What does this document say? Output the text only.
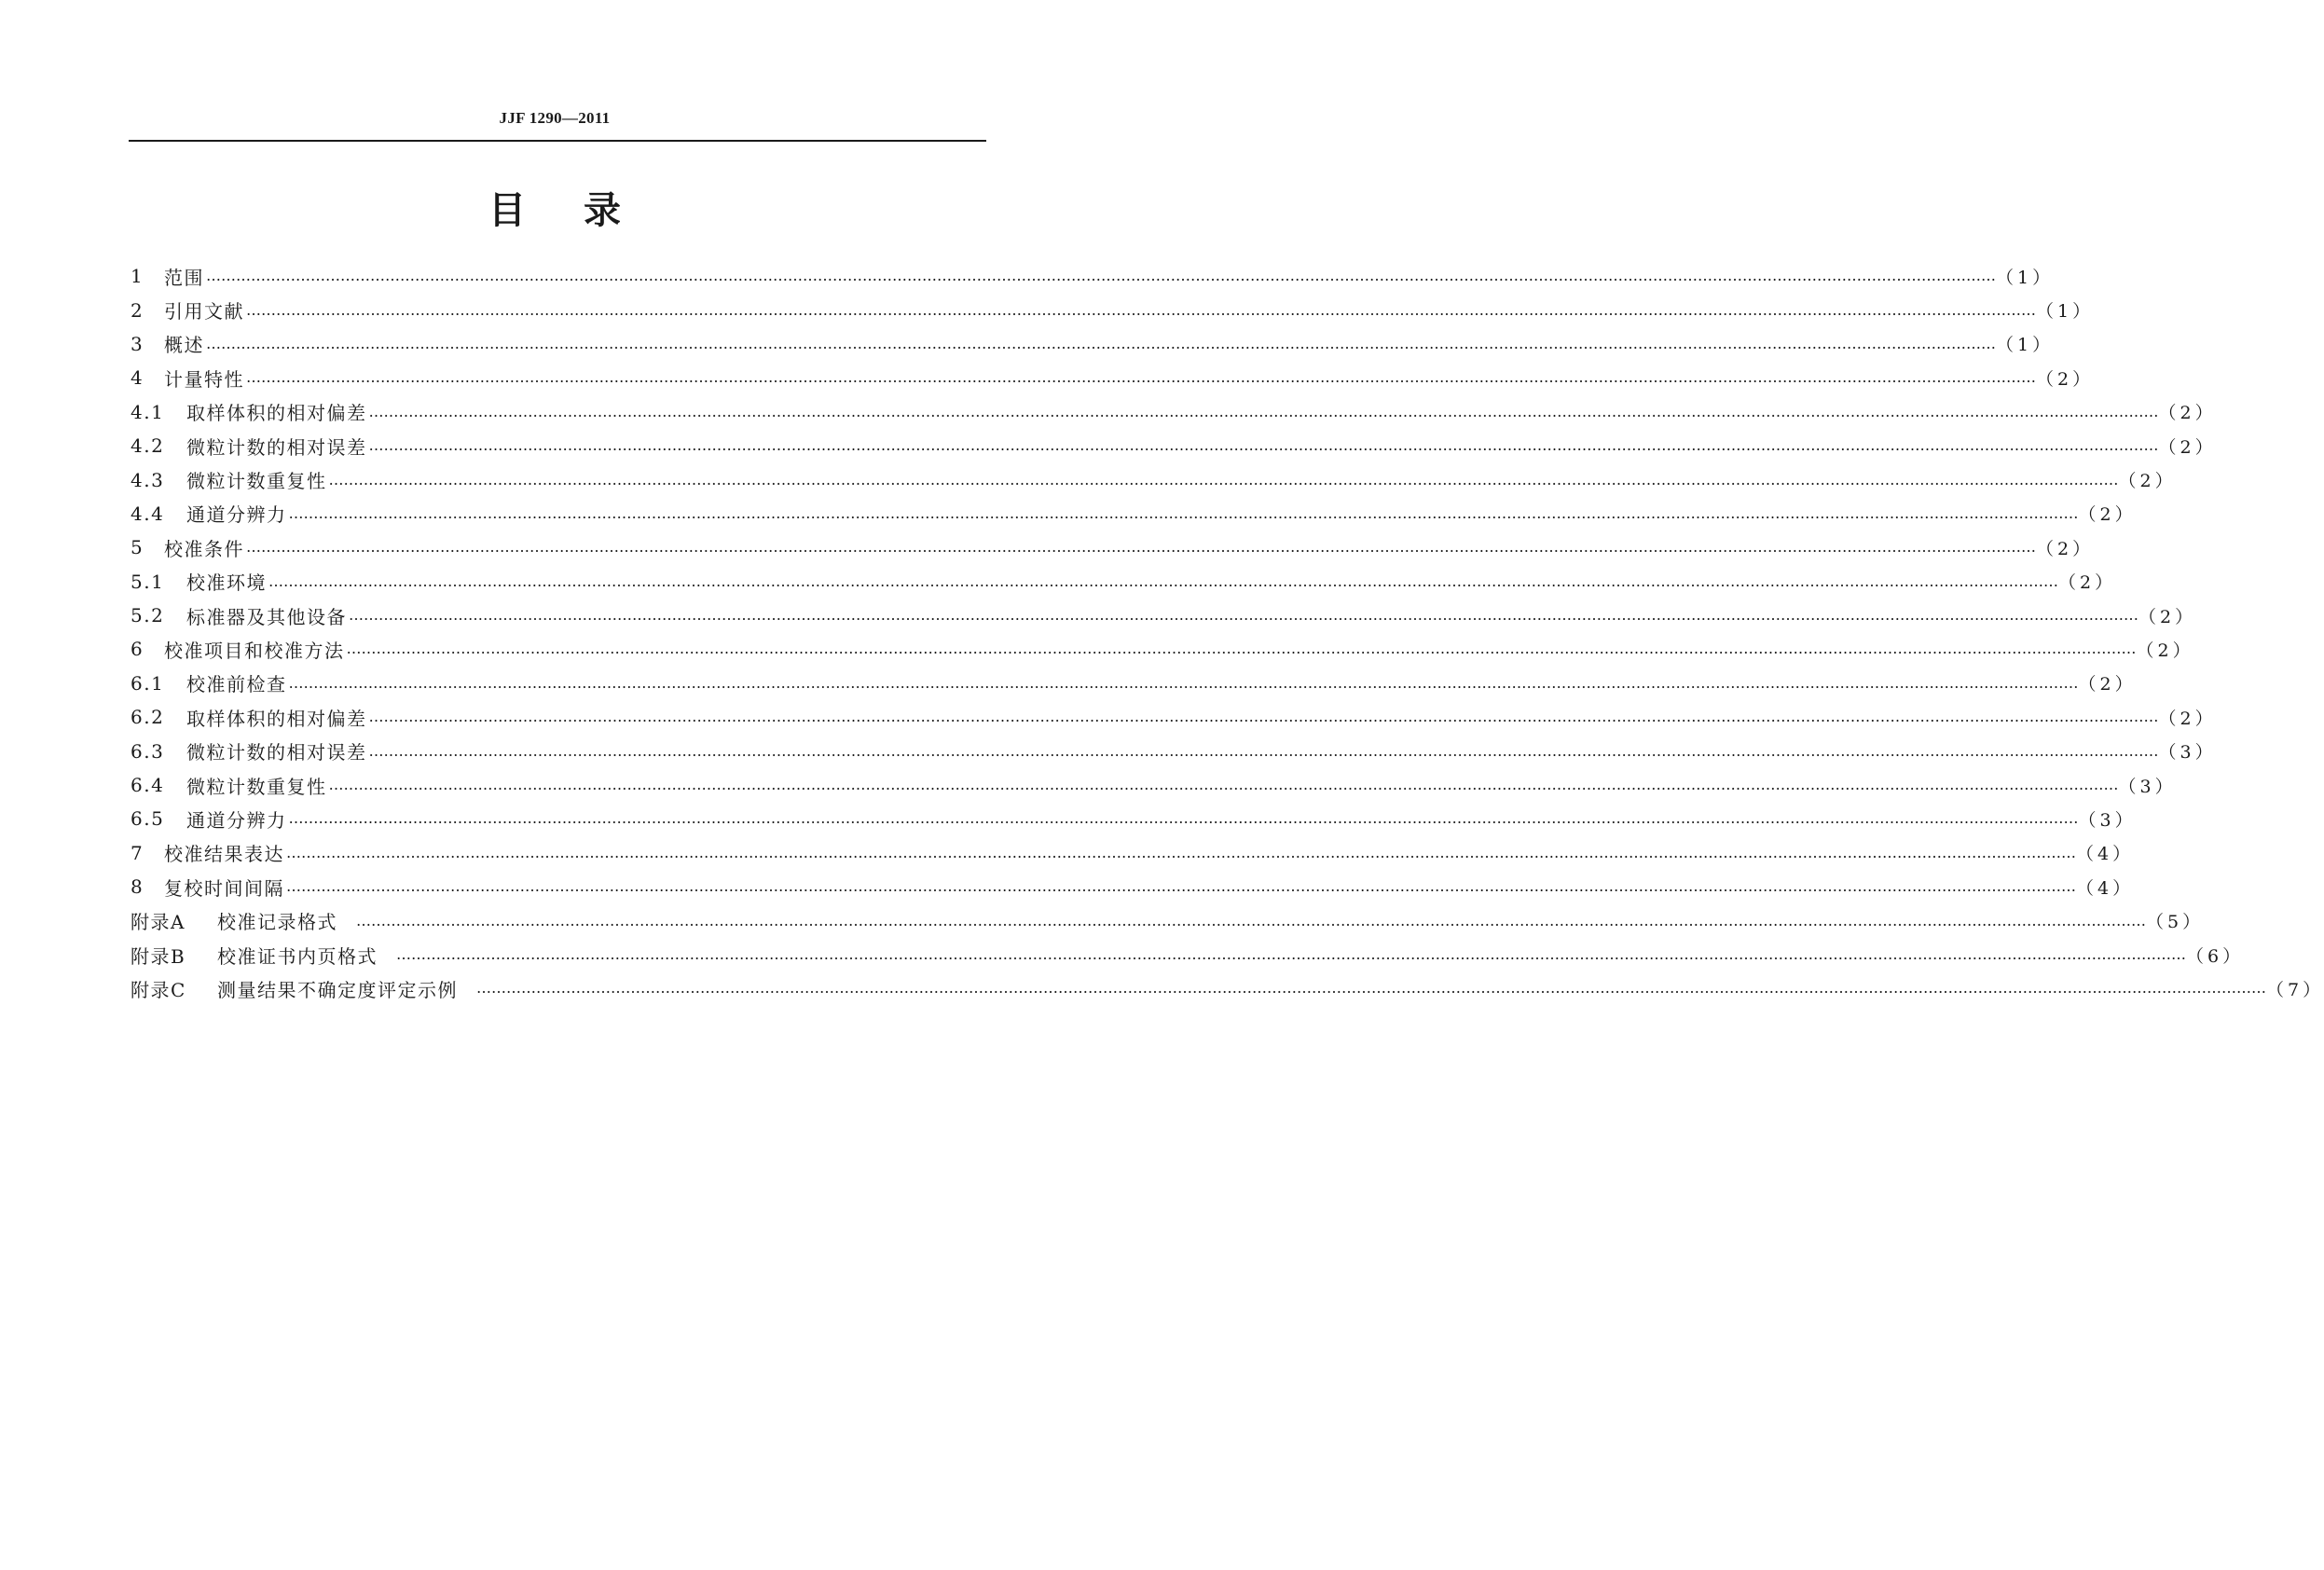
JJF 1290—2011
目录
1	范围 ……………………………………………………………………………………………………………………………………………………………………………………………………………………………………………………………………………………………………………………………… （1）
2	引用文献 ……………………………………………………………………………………………………………………………………………………………………………………………………………………………………………………………………………………………………………………………… （1）
3	概述 ……………………………………………………………………………………………………………………………………………………………………………………………………………………………………………………………………………………………………………………………… （1）
4	计量特性 ……………………………………………………………………………………………………………………………………………………………………………………………………………………………………………………………………………………………………………………………… （2）
4.1	取样体积的相对偏差 ……………………………………………………………………………………………………………………………………………………………………………………………………………………………………………………………………………………………………………………………… （2）
4.2	微粒计数的相对误差 ……………………………………………………………………………………………………………………………………………………………………………………………………………………………………………………………………………………………………………………………… （2）
4.3	微粒计数重复性 ……………………………………………………………………………………………………………………………………………………………………………………………………………………………………………………………………………………………………………………………… （2）
4.4	通道分辨力 ……………………………………………………………………………………………………………………………………………………………………………………………………………………………………………………………………………………………………………………………… （2）
5	校准条件 ……………………………………………………………………………………………………………………………………………………………………………………………………………………………………………………………………………………………………………………………… （2）
5.1	校准环境 ……………………………………………………………………………………………………………………………………………………………………………………………………………………………………………………………………………………………………………………………… （2）
5.2	标准器及其他设备 ……………………………………………………………………………………………………………………………………………………………………………………………………………………………………………………………………………………………………………………………… （2）
6	校准项目和校准方法 ……………………………………………………………………………………………………………………………………………………………………………………………………………………………………………………………………………………………………………………………… （2）
6.1	校准前检查 ……………………………………………………………………………………………………………………………………………………………………………………………………………………………………………………………………………………………………………………………… （2）
6.2	取样体积的相对偏差 ……………………………………………………………………………………………………………………………………………………………………………………………………………………………………………………………………………………………………………………………… （2）
6.3	微粒计数的相对误差 ……………………………………………………………………………………………………………………………………………………………………………………………………………………………………………………………………………………………………………………………… （3）
6.4	微粒计数重复性 ……………………………………………………………………………………………………………………………………………………………………………………………………………………………………………………………………………………………………………………………… （3）
6.5	通道分辨力 ……………………………………………………………………………………………………………………………………………………………………………………………………………………………………………………………………………………………………………………………… （3）
7	校准结果表达 ……………………………………………………………………………………………………………………………………………………………………………………………………………………………………………………………………………………………………………………………… （4）
8	复校时间间隔 ……………………………………………………………………………………………………………………………………………………………………………………………………………………………………………………………………………………………………………………………… （4）
附录A	校准记录格式 ……………………………………………………………………………………………………………………………………………………………………………………………………………………………………………………………………………………………………………………………… （5）
附录B	校准证书内页格式 ……………………………………………………………………………………………………………………………………………………………………………………………………………………………………………………………………………………………………………………………… （6）
附录C	测量结果不确定度评定示例 ……………………………………………………………………………………………………………………………………………………………………………………………………………………………………………………………………………………………………………………………… （7）
